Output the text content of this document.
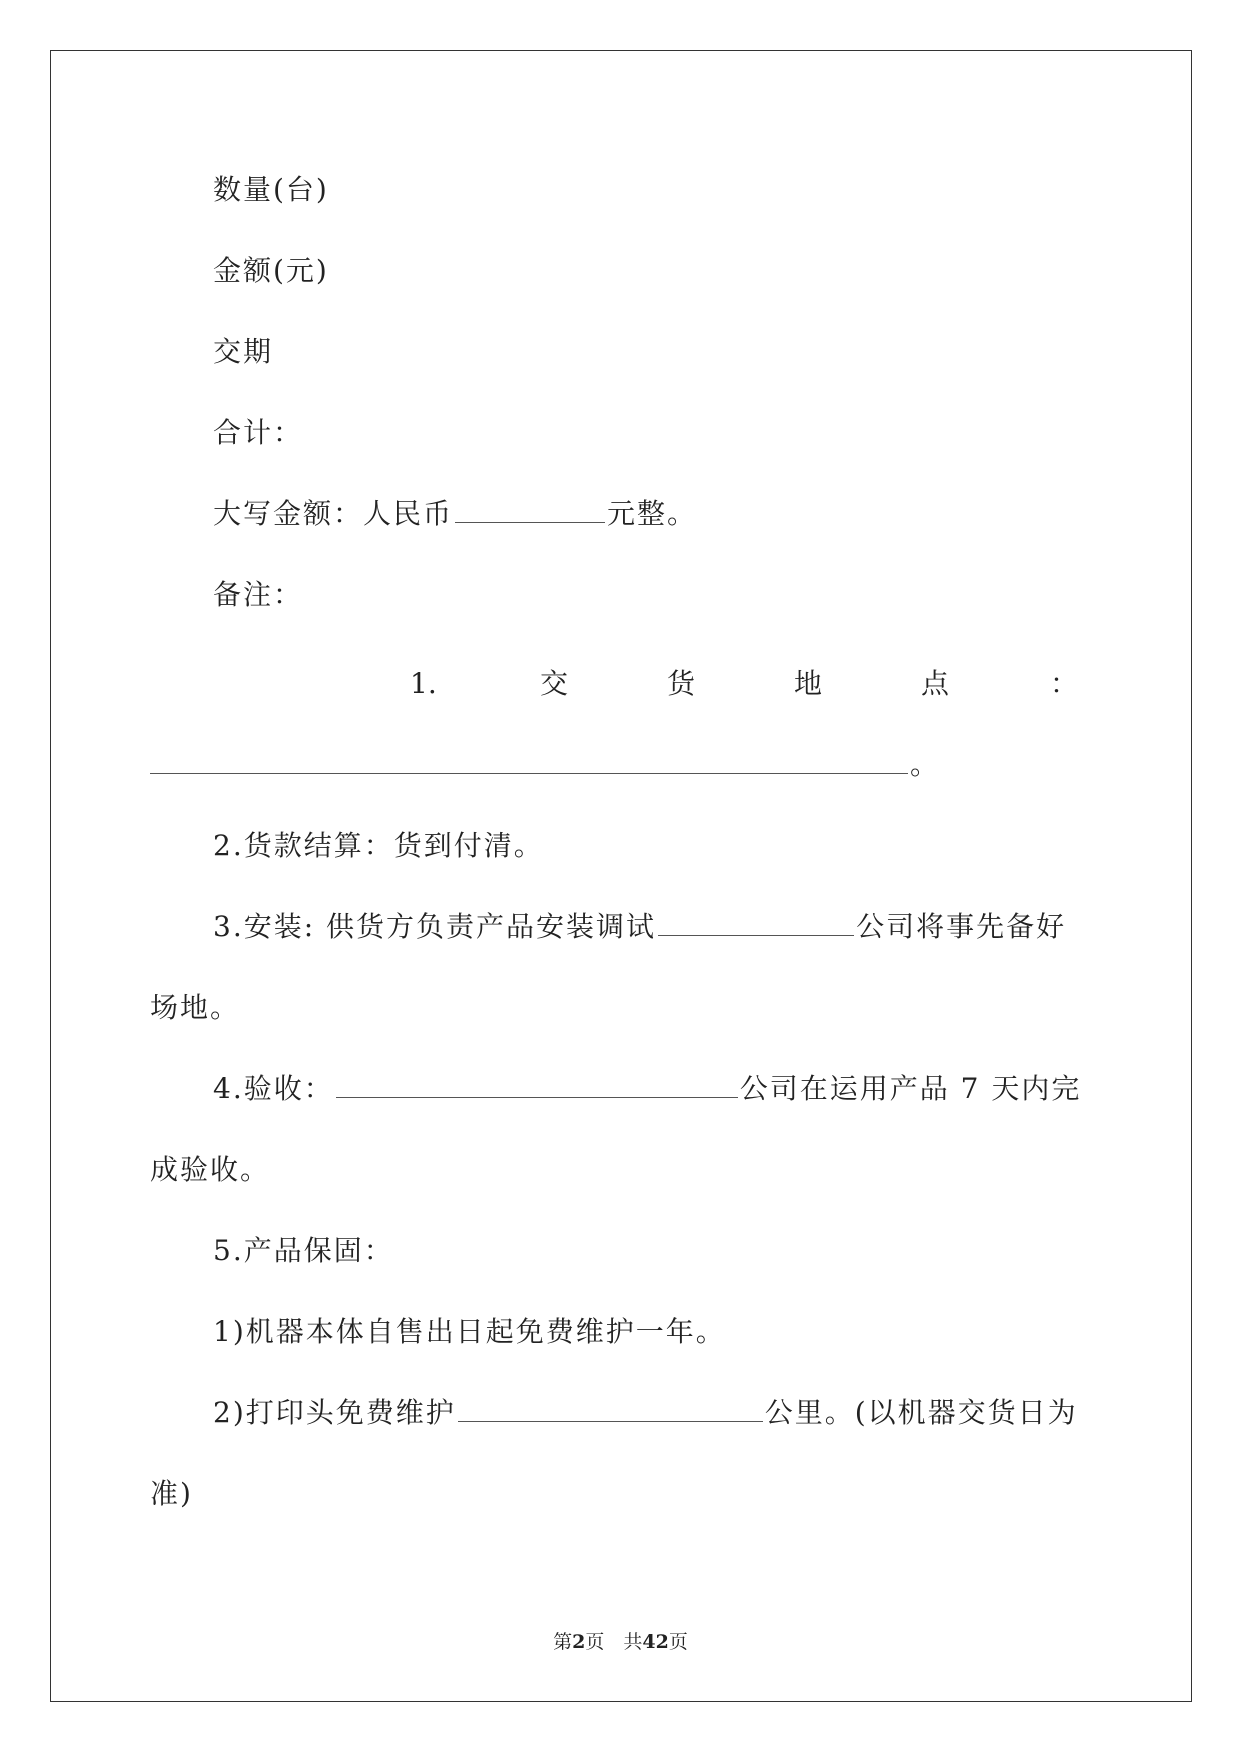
数量(台)
金额(元)
交期
合计：
大写金额：人民币	元整。
备注：
1.	交	货	地	点	：
。
2.货款结算：货到付清。
3.安装: 供货方负责产品安装调试	公司将事先备好
场地。
4.验收：	公司在运用产品 7 天内完
成验收。
5.产品保固：
1)机器本体自售出日起免费维护一年。
2)打印头免费维护	公里。(以机器交货日为
准)
第2页　共42页
